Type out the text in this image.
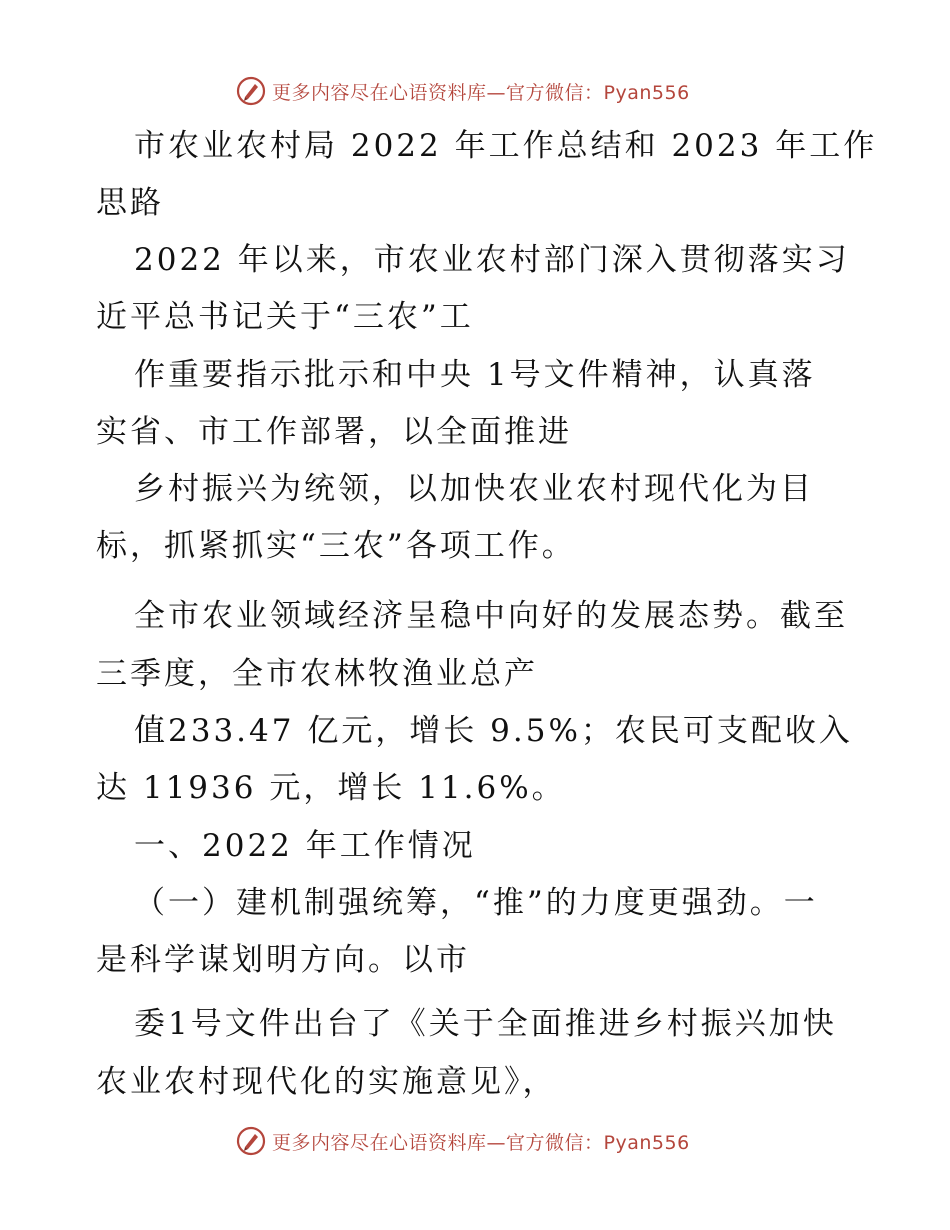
更多内容尽在心语资料库—官方微信：Pyan556
市农业农村局 2022 年工作总结和 2023 年工作
思路
2022 年以来，市农业农村部门深入贯彻落实习
近平总书记关于“三农”工
作重要指示批示和中央 1号文件精神，认真落
实省、市工作部署，以全面推进
乡村振兴为统领，以加快农业农村现代化为目
标，抓紧抓实“三农”各项工作。
全市农业领域经济呈稳中向好的发展态势。截至
三季度，全市农林牧渔业总产
值233.47 亿元，增长 9.5%；农民可支配收入
达 11936 元，增长 11.6%。
一、2022 年工作情况
（一）建机制强统筹，“推”的力度更强劲。一
是科学谋划明方向。以市
委1号文件出台了《关于全面推进乡村振兴加快
农业农村现代化的实施意见》，
更多内容尽在心语资料库—官方微信：Pyan556
